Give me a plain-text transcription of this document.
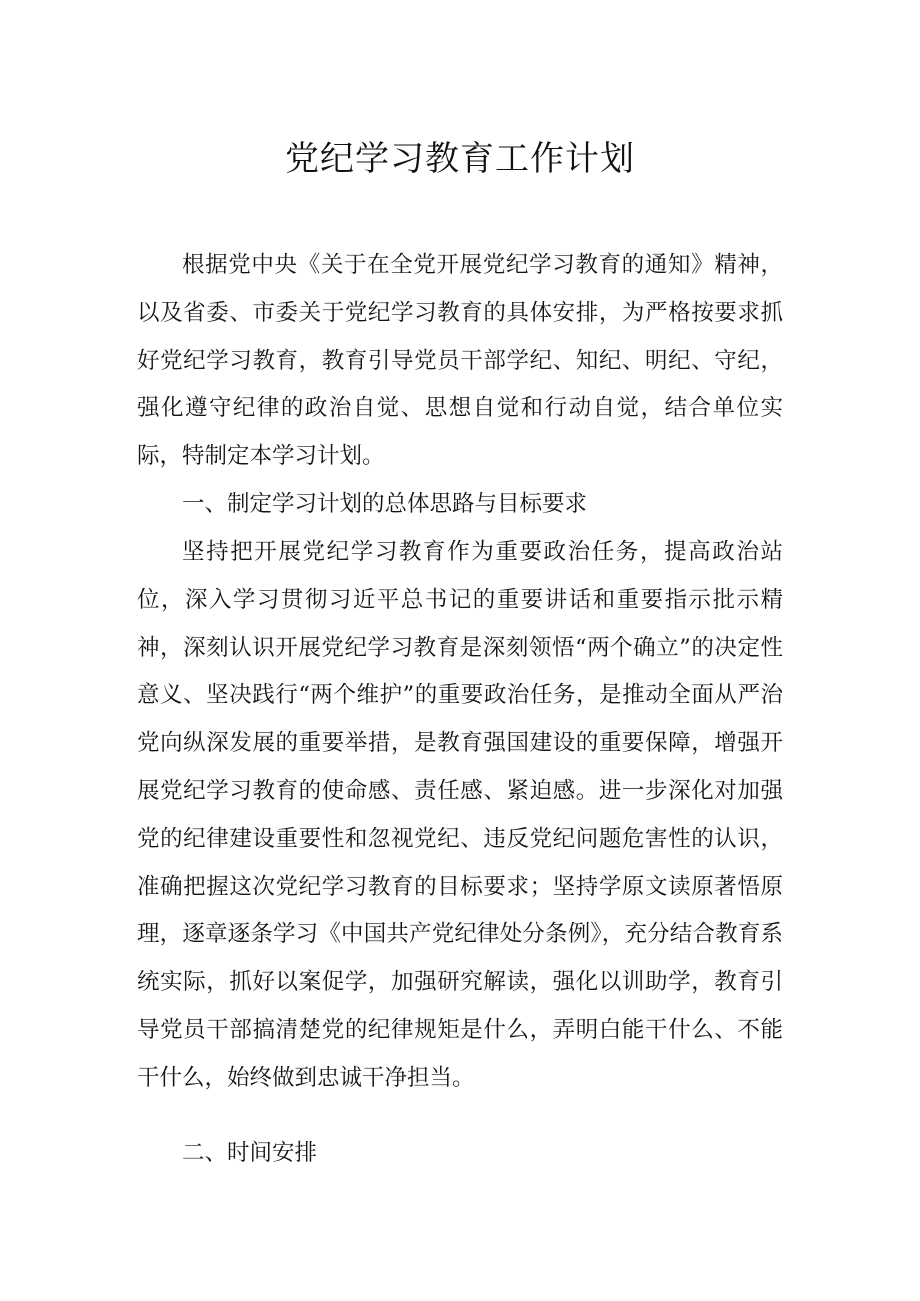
党纪学习教育工作计划

根据党中央《关于在全党开展党纪学习教育的通知》精神，以及省委、市委关于党纪学习教育的具体安排，为严格按要求抓好党纪学习教育，教育引导党员干部学纪、知纪、明纪、守纪，强化遵守纪律的政治自觉、思想自觉和行动自觉，结合单位实际，特制定本学习计划。

一、制定学习计划的总体思路与目标要求

坚持把开展党纪学习教育作为重要政治任务，提高政治站位，深入学习贯彻习近平总书记的重要讲话和重要指示批示精神，深刻认识开展党纪学习教育是深刻领悟“两个确立”的决定性意义、坚决践行“两个维护”的重要政治任务，是推动全面从严治党向纵深发展的重要举措，是教育强国建设的重要保障，增强开展党纪学习教育的使命感、责任感、紧迫感。进一步深化对加强党的纪律建设重要性和忽视党纪、违反党纪问题危害性的认识，准确把握这次党纪学习教育的目标要求；坚持学原文读原著悟原理，逐章逐条学习《中国共产党纪律处分条例》，充分结合教育系统实际，抓好以案促学，加强研究解读，强化以训助学，教育引导党员干部搞清楚党的纪律规矩是什么，弄明白能干什么、不能干什么，始终做到忠诚干净担当。

二、时间安排
